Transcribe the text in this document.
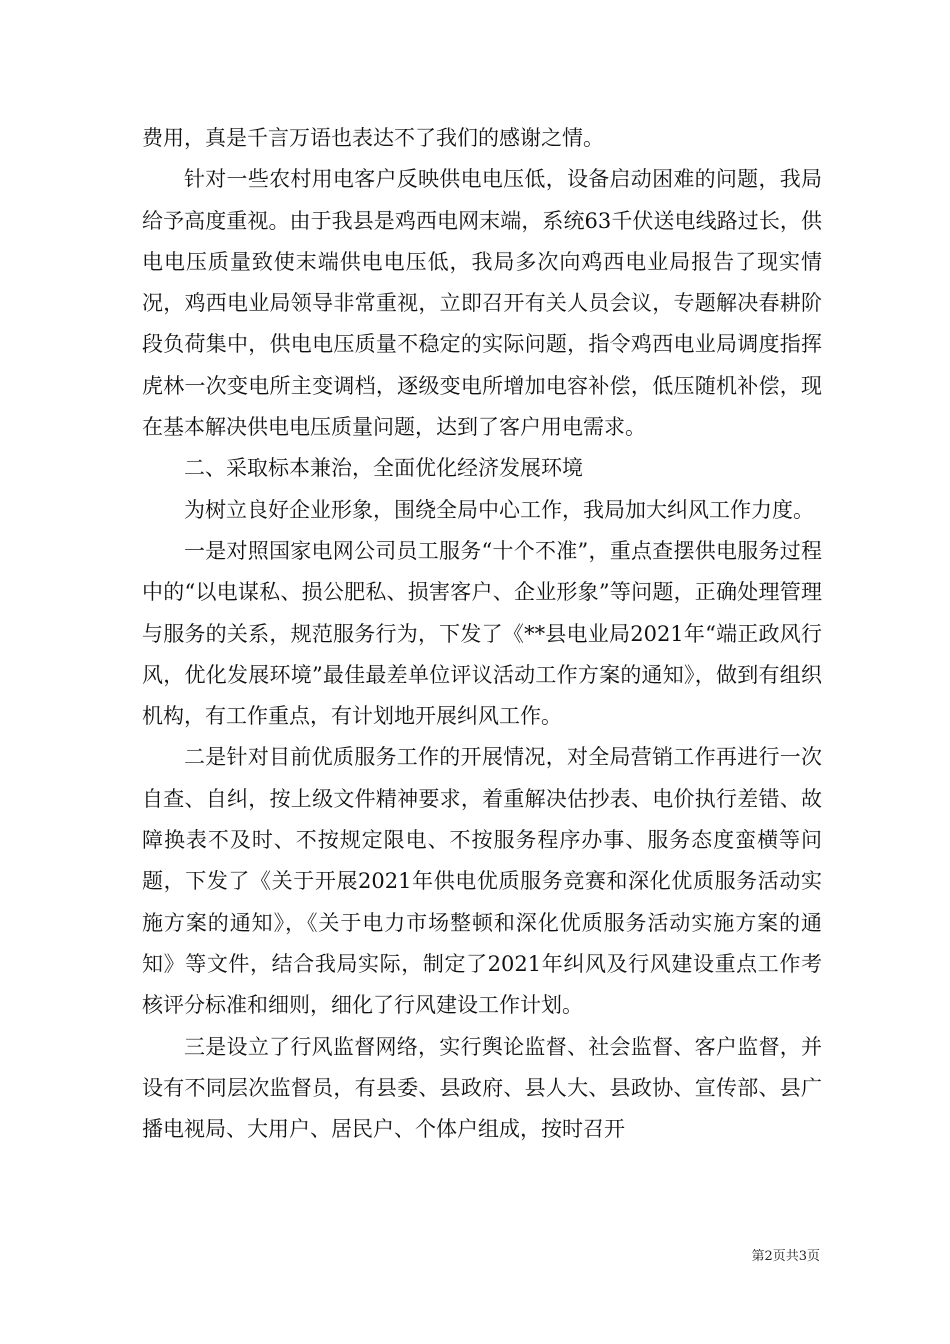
费用，真是千言万语也表达不了我们的感谢之情。

针对一些农村用电客户反映供电电压低，设备启动困难的问题，我局给予高度重视。由于我县是鸡西电网末端，系统63千伏送电线路过长，供电电压质量致使末端供电电压低，我局多次向鸡西电业局报告了现实情况，鸡西电业局领导非常重视，立即召开有关人员会议，专题解决春耕阶段负荷集中，供电电压质量不稳定的实际问题，指令鸡西电业局调度指挥虎林一次变电所主变调档，逐级变电所增加电容补偿，低压随机补偿，现在基本解决供电电压质量问题，达到了客户用电需求。

二、采取标本兼治，全面优化经济发展环境

为树立良好企业形象，围绕全局中心工作，我局加大纠风工作力度。

一是对照国家电网公司员工服务“十个不准”，重点查摆供电服务过程中的“以电谋私、损公肥私、损害客户、企业形象”等问题，正确处理管理与服务的关系，规范服务行为，下发了《**县电业局2021年“端正政风行风，优化发展环境”最佳最差单位评议活动工作方案的通知》，做到有组织机构，有工作重点，有计划地开展纠风工作。

二是针对目前优质服务工作的开展情况，对全局营销工作再进行一次自查、自纠，按上级文件精神要求，着重解决估抄表、电价执行差错、故障换表不及时、不按规定限电、不按服务程序办事、服务态度蛮横等问题，下发了《关于开展2021年供电优质服务竞赛和深化优质服务活动实施方案的通知》，《关于电力市场整顿和深化优质服务活动实施方案的通知》等文件，结合我局实际，制定了2021年纠风及行风建设重点工作考核评分标准和细则，细化了行风建设工作计划。

三是设立了行风监督网络，实行舆论监督、社会监督、客户监督，并设有不同层次监督员，有县委、县政府、县人大、县政协、宣传部、县广播电视局、大用户、居民户、个体户组成，按时召开

第2页共3页
